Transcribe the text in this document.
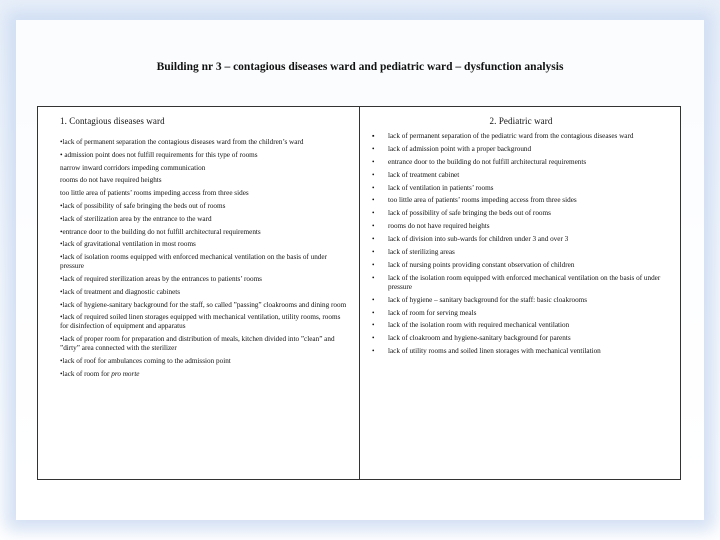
Building nr 3 – contagious diseases ward and pediatric ward – dysfunction analysis
1. Contagious diseases ward
•lack of permanent separation the contagious diseases ward from the children’s ward
• admission point does not fulfill requirements for this type of rooms
narrow inward corridors impeding communication
rooms do not have required heights
too little area of patients’ rooms impeding access from three sides
•lack of possibility of safe bringing the beds out of rooms
•lack of sterilization area by the entrance to the ward
•entrance door to the building do not fulfill architectural requirements
•lack of gravitational ventilation in most rooms
•lack of isolation rooms equipped with enforced mechanical ventilation on the basis of under pressure
•lack of required sterilization areas by the entrances to patients’ rooms
•lack of treatment and diagnostic cabinets
•lack of hygiene-sanitary background for the staff, so called ”passing” cloakrooms and dining room
•lack of required soiled linen storages equipped with mechanical ventilation, utility rooms, rooms for disinfection of equipment and apparatus
•lack of proper room for preparation and distribution of meals, kitchen divided into ”clean” and ”dirty” area connected with the sterilizer
•lack of roof for ambulances coming to the admission point
•lack of room for pro morte
2. Pediatric ward
▪	lack of permanent separation of the pediatric ward from the contagious diseases ward
•	lack of admission point with a proper background
•	entrance door to the building do not fulfill architectural requirements
•	lack of treatment cabinet
•	lack of ventilation in patients’ rooms
•	too little area of patients’ rooms impeding access from three sides
•	lack of possibility of safe bringing the beds out of rooms
•	rooms do not have required heights
•	lack of division into sub-wards for children under 3 and over 3
•	lack of sterilizing areas
•	lack of nursing points providing constant observation of children
•	lack of the isolation room equipped with enforced mechanical ventilation on the basis of under pressure
•	lack of hygiene – sanitary background for the staff: basic cloakrooms
•	lack of room for serving meals
•	lack of the isolation room with required mechanical ventilation
•	lack of cloakroom and hygiene-sanitary background for parents
•	lack of utility rooms and soiled linen storages with mechanical ventilation
